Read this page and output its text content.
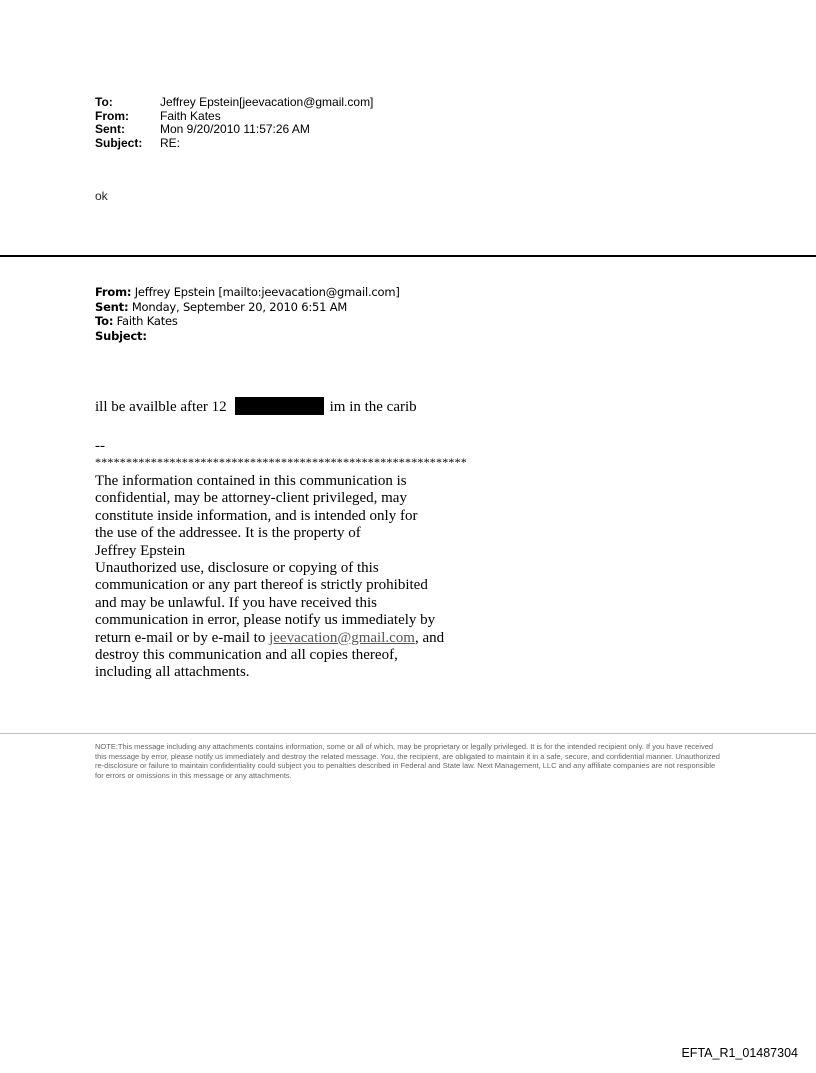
To:	Jeffrey Epstein[jeevacation@gmail.com]
From:	Faith Kates
Sent:	Mon 9/20/2010 11:57:26 AM
Subject:	RE:
ok
From: Jeffrey Epstein [mailto:jeevacation@gmail.com]
Sent: Monday, September 20, 2010 6:51 AM
To: Faith Kates
Subject:
ill be availble after 12	im in the carib
--
************************************************************
The information contained in this communication is
confidential, may be attorney-client privileged, may
constitute inside information, and is intended only for
the use of the addressee. It is the property of
Jeffrey Epstein
Unauthorized use, disclosure or copying of this
communication or any part thereof is strictly prohibited
and may be unlawful. If you have received this
communication in error, please notify us immediately by
return e-mail or by e-mail to jeevacation@gmail.com, and
destroy this communication and all copies thereof,
including all attachments.
NOTE:This message including any attachments contains information, some or all of which, may be proprietary or legally privileged. It is for the intended recipient only. If you have received this message by error, please notify us immediately and destroy the related message. You, the recipient, are obligated to maintain it in a safe, secure, and confidential manner. Unauthorized re-disclosure or failure to maintain confidentiality could subject you to penalties described in Federal and State law. Next Management, LLC and any affiliate companies are not responsible for errors or omissions in this message or any attachments.
EFTA_R1_01487304
